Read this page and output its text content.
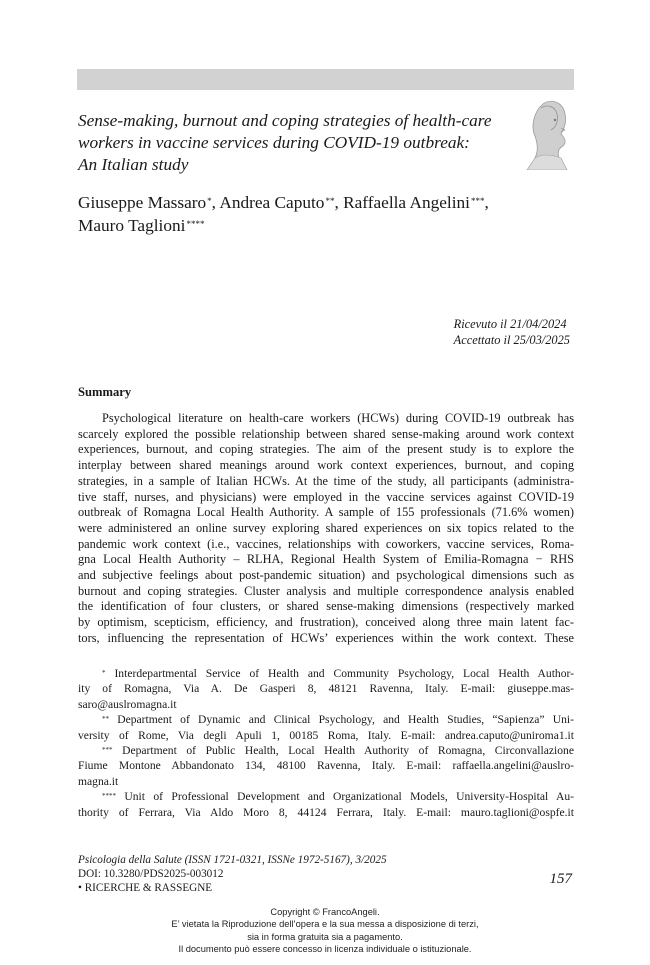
Sense-making, burnout and coping strategies of health-care
workers in vaccine services during COVID-19 outbreak:
An Italian study
Giuseppe Massaro*, Andrea Caputo**, Raffaella Angelini***,
Mauro Taglioni****
Ricevuto il 21/04/2024
Accettato il 25/03/2025
Summary
Psychological literature on health-care workers (HCWs) during COVID-19 outbreak has
scarcely explored the possible relationship between shared sense-making around work context
experiences, burnout, and coping strategies. The aim of the present study is to explore the
interplay between shared meanings around work context experiences, burnout, and coping
strategies, in a sample of Italian HCWs. At the time of the study, all participants (administra-
tive staff, nurses, and physicians) were employed in the vaccine services against COVID-19
outbreak of Romagna Local Health Authority. A sample of 155 professionals (71.6% women)
were administered an online survey exploring shared experiences on six topics related to the
pandemic work context (i.e., vaccines, relationships with coworkers, vaccine services, Roma-
gna Local Health Authority – RLHA, Regional Health System of Emilia-Romagna − RHS
and subjective feelings about post-pandemic situation) and psychological dimensions such as
burnout and coping strategies. Cluster analysis and multiple correspondence analysis enabled
the identification of four clusters, or shared sense-making dimensions (respectively marked
by optimism, scepticism, efficiency, and frustration), conceived along three main latent fac-
tors, influencing the representation of HCWs’ experiences within the work context. These
* Interdepartmental Service of Health and Community Psychology, Local Health Author-
ity of Romagna, Via A. De Gasperi 8, 48121 Ravenna, Italy. E-mail: giuseppe.mas-
saro@auslromagna.it
** Department of Dynamic and Clinical Psychology, and Health Studies, “Sapienza” Uni-
versity of Rome, Via degli Apuli 1, 00185 Roma, Italy. E-mail: andrea.caputo@uniroma1.it
*** Department of Public Health, Local Health Authority of Romagna, Circonvallazione
Fiume Montone Abbandonato 134, 48100 Ravenna, Italy. E-mail: raffaella.angelini@auslro-
magna.it
**** Unit of Professional Development and Organizational Models, University-Hospital Au-
thority of Ferrara, Via Aldo Moro 8, 44124 Ferrara, Italy. E-mail: mauro.taglioni@ospfe.it
Psicologia della Salute (ISSN 1721-0321, ISSNe 1972-5167), 3/2025
DOI: 10.3280/PDS2025-003012
• RICERCHE & RASSEGNE
157
Copyright © FrancoAngeli.
E’ vietata la Riproduzione dell’opera e la sua messa a disposizione di terzi,
sia in forma gratuita sia a pagamento.
Il documento può essere concesso in licenza individuale o istituzionale.
